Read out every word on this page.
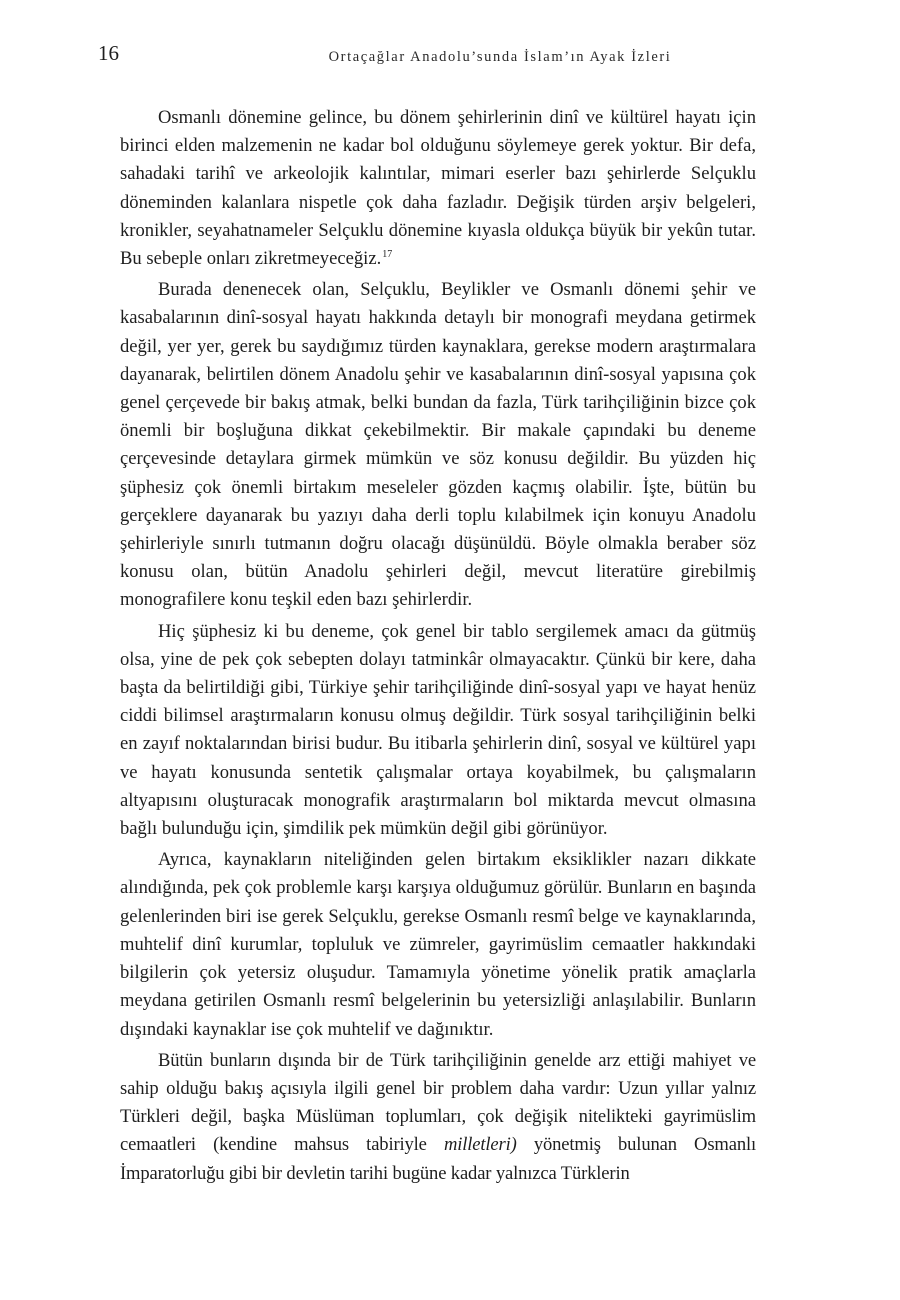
16	Ortaçağlar Anadolu’sunda İslam’ın Ayak İzleri

Osmanlı dönemine gelince, bu dönem şehirlerinin dinî ve kültürel hayatı için birinci elden malzemenin ne kadar bol olduğunu söylemeye gerek yoktur. Bir defa, sahadaki tarihî ve arkeolojik kalıntılar, mimari eserler bazı şehirlerde Selçuklu döneminden kalanlara nispetle çok daha fazladır. Değişik türden arşiv belgeleri, kronikler, seyahatnameler Selçuklu dönemine kıyasla oldukça büyük bir yekûn tutar. Bu sebeple onları zikretmeyeceğiz.$^{17}$

Burada denenecek olan, Selçuklu, Beylikler ve Osmanlı dönemi şehir ve kasabalarının dinî-sosyal hayatı hakkında detaylı bir monografi meydana getirmek değil, yer yer, gerek bu saydığımız türden kaynaklara, gerekse modern araştırmalara dayanarak, belirtilen dönem Anadolu şehir ve kasabalarının dinî-sosyal yapısına çok genel çerçevede bir bakış atmak, belki bundan da fazla, Türk tarihçiliğinin bizce çok önemli bir boşluğuna dikkat çekebilmektir. Bir makale çapındaki bu deneme çerçevesinde detaylara girmek mümkün ve söz konusu değildir. Bu yüzden hiç şüphesiz çok önemli birtakım meseleler gözden kaçmış olabilir. İşte, bütün bu gerçeklere dayanarak bu yazıyı daha derli toplu kılabilmek için konuyu Anadolu şehirleriyle sınırlı tutmanın doğru olacağı düşünüldü. Böyle olmakla beraber söz konusu olan, bütün Anadolu şehirleri değil, mevcut literatüre girebilmiş monografilere konu teşkil eden bazı şehirlerdir.

Hiç şüphesiz ki bu deneme, çok genel bir tablo sergilemek amacı da gütmüş olsa, yine de pek çok sebepten dolayı tatminkâr olmayacaktır. Çünkü bir kere, daha başta da belirtildiği gibi, Türkiye şehir tarihçiliğinde dinî-sosyal yapı ve hayat henüz ciddi bilimsel araştırmaların konusu olmuş değildir. Türk sosyal tarihçiliğinin belki en zayıf noktalarından birisi budur. Bu itibarla şehirlerin dinî, sosyal ve kültürel yapı ve hayatı konusunda sentetik çalışmalar ortaya koyabilmek, bu çalışmaların altyapısını oluşturacak monografik araştırmaların bol miktarda mevcut olmasına bağlı bulunduğu için, şimdilik pek mümkün değil gibi görünüyor.

Ayrıca, kaynakların niteliğinden gelen birtakım eksiklikler nazarı dikkate alındığında, pek çok problemle karşı karşıya olduğumuz görülür. Bunların en başında gelenlerinden biri ise gerek Selçuklu, gerekse Osmanlı resmî belge ve kaynaklarında, muhtelif dinî kurumlar, topluluk ve zümreler, gayrimüslim cemaatler hakkındaki bilgilerin çok yetersiz oluşudur. Tamamıyla yönetime yönelik pratik amaçlarla meydana getirilen Osmanlı resmî belgelerinin bu yetersizliği anlaşılabilir. Bunların dışındaki kaynaklar ise çok muhtelif ve dağınıktır.

Bütün bunların dışında bir de Türk tarihçiliğinin genelde arz ettiği mahiyet ve sahip olduğu bakış açısıyla ilgili genel bir problem daha vardır: Uzun yıllar yalnız Türkleri değil, başka Müslüman toplumları, çok değişik nitelikteki gayrimüslim cemaatleri (kendine mahsus tabiriyle milletleri) yönetmiş bulunan Osmanlı İmparatorluğu gibi bir devletin tarihi bugüne kadar yalnızca Türklerin
